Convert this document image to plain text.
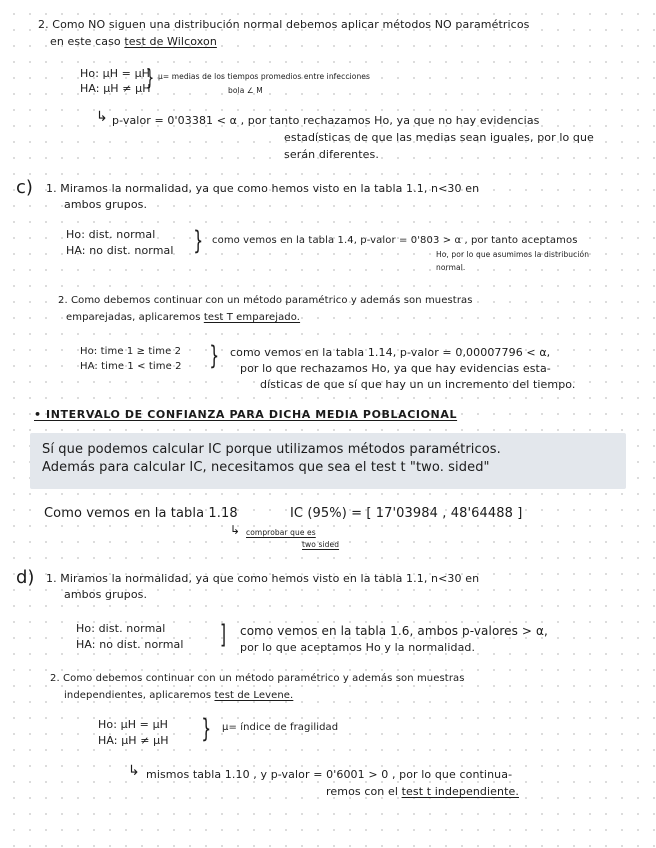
2. Como NO siguen una distribución normal debemos aplicar métodos NO paramétricos
en este caso test de Wilcoxon
Ho: μH = μH
HA: μH ≠ μH
} μ= medias de los tiempos promedios entre infecciones
bola ∠ M
↳ p-valor = 0'03381 < α , por tanto rechazamos Ho, ya que no hay evidencias
estadísticas de que las medias sean iguales, por lo que
serán diferentes.
c) 1. Miramos la normalidad, ya que como hemos visto en la tabla 1.1, n<30 en
ambos grupos.
Ho: dist. normal
HA: no dist. normal } como vemos en la tabla 1.4, p-valor = 0'803 > α , por tanto aceptamos
Ho, por lo que asumimos la distribución
normal.
2. Como debemos continuar con un método paramétrico y además son muestras
emparejadas, aplicaremos test T emparejado.
Ho: time 1 ≥ time 2
HA: time 1 < time 2 } como vemos en la tabla 1.14, p-valor = 0,00007796 < α,
por lo que rechazamos Ho, ya que hay evidencias esta-
dísticas de que sí que hay un un incremento del tiempo.
• INTERVALO DE CONFIANZA PARA DICHA MEDIA POBLACIONAL
Sí que podemos calcular IC porque utilizamos métodos paramétricos.
Además para calcular IC, necesitamos que sea el test t "two. sided"
Como vemos en la tabla 1.18	IC (95%) = [ 17'03984 , 48'64488 ]
↳ comprobar que es
two sided
d) 1. Miramos la normalidad, ya que como hemos visto en la tabla 1.1, n<30 en
ambos grupos.
Ho: dist. normal
HA: no dist. normal ] como vemos en la tabla 1.6, ambos p-valores > α,
por lo que aceptamos Ho y la normalidad.
2. Como debemos continuar con un método paramétrico y además son muestras
independientes, aplicaremos test de Levene.
Ho: μH = μH
HA: μH ≠ μH } μ= índice de fragilidad
↳ mismos tabla 1.10 , y p-valor = 0'6001 > 0 , por lo que continua-
remos con el test t independiente.
